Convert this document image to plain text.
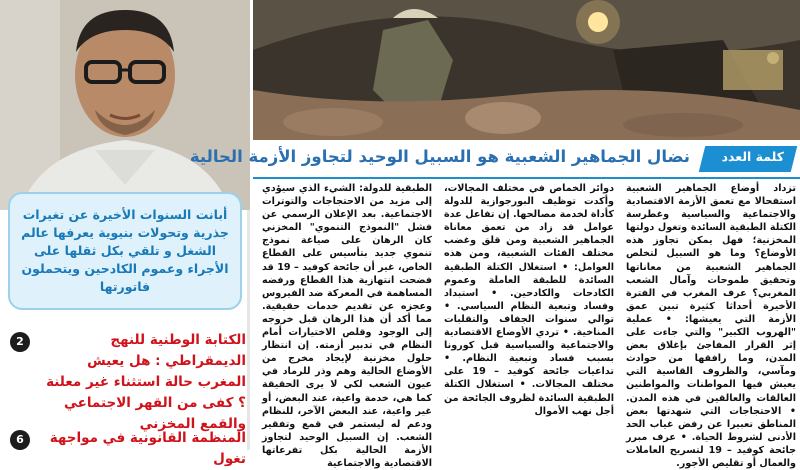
أبانت السنوات الأخيرة عن تغيرات جذرية وتحولات بنيوية يعرفها عالم الشغل و تلقي بكل ثقلها على الأجراء وعموم الكادحين ويتحملون فاتورتها
2	الكتابة الوطنية للنهج الديمقراطي : هل يعيش المغرب حالة استثناء غير معلنة ؟ كفى من القهر الاجتماعي والقمع المخزني
6	المنظمة القانونية في مواجهة تغول
كلمة العدد
نضال الجماهير الشعبية هو السبيل الوحيد لتجاوز الأزمة الحالية
تزداد أوضاع الجماهير الشعبية استفحالا مع تعمق الأزمة الاقتصادية والاجتماعية والسياسية وغطرسة الكتلة الطبقية السائدة وتغول دولتها المخزنية؛ فهل يمكن تجاوز هذه الأوضاع؟ وما هو السبيل لتخلص الجماهير الشعبية من معاناتها وتحقيق طموحات وآمال الشعب المغربي؟ عرف المغرب في الفترة الأخيرة أحداثا كثيرة تبين عمق الأزمة التي يعيشها: • عملية "الهروب الكبير" والتي جاءت على إثر القرار المفاجئ بإغلاق بعض المدن، وما رافقها من حوادث ومآسي، والظروف القاسية التي يعيش فيها المواطنات والمواطنين العالقات والعالقين في هذه المدن. • الاحتجاجات التي شهدتها بعض المناطق تعبيرا عن رفض غياب الحد الأدنى لشروط الحياة. • عرف مبرر جائحة كوفيد – 19 لتسريح العاملات والعمال أو تقليص الأجور.
دوائر الخماص في مختلف المجالات، وأكدت توظيف البورجوازية للدولة كأداة لخدمة مصالحها. إن تفاعل عدة عوامل قد زاد من تعمق معاناة الجماهير الشعبية ومن قلق وغضب مختلف الفئات الشعبية، ومن هذه العوامل: • استغلال الكتلة الطبقية السائدة للطبقة العاملة وعموم الكادحات والكادحين. • استبداد وفساد وتبعية النظام السياسي. • توالي سنوات الجفاف والتقلبات المناخية. • تردي الأوضاع الاقتصادية والاجتماعية والسياسية قبل كورونا بسبب فساد وتبعية النظام. • تداعيات جائحة كوفيد – 19 على مختلف المجالات. • استغلال الكتلة الطبقية السائدة لظروف الجائحة من أجل نهب الأموال
الطبقية للدولة: الشيء الذي سيؤدي إلى مزيد من الاحتجاجات والتوترات الاجتماعية. بعد الإعلان الرسمي عن فشل "النموذج التنموي" المخزني كان الرهان على صياغة نموذج تنموي جديد بتأسيس على القطاع الخاص، غير أن جائحة كوفيد – 19 قد فضحت انتهازية هذا القطاع ورفضه المساهمة في المعركة ضد الفيروس وعجزه عن تقديم خدمات حقيقية. مما أكد أن هذا الرهان قبل خروجه إلى الوجود وقلص الاختيارات أمام النظام في تدبير أزمته. إن انتظار حلول مخزنية لإيجاد مخرج من الأوضاع الحالية وهم وذر للرماد في عيون الشعب لكي لا يرى الحقيقة كما هي، خدمة واعية، عند البعض، أو غير واعية، عند البعض الآخر، للنظام ودعم له ليستمر في قمع وتفقير الشعب. إن السبيل الوحيد لتجاوز الأزمة الحالية بكل تفرعاتها الاقتصادية والاجتماعية
